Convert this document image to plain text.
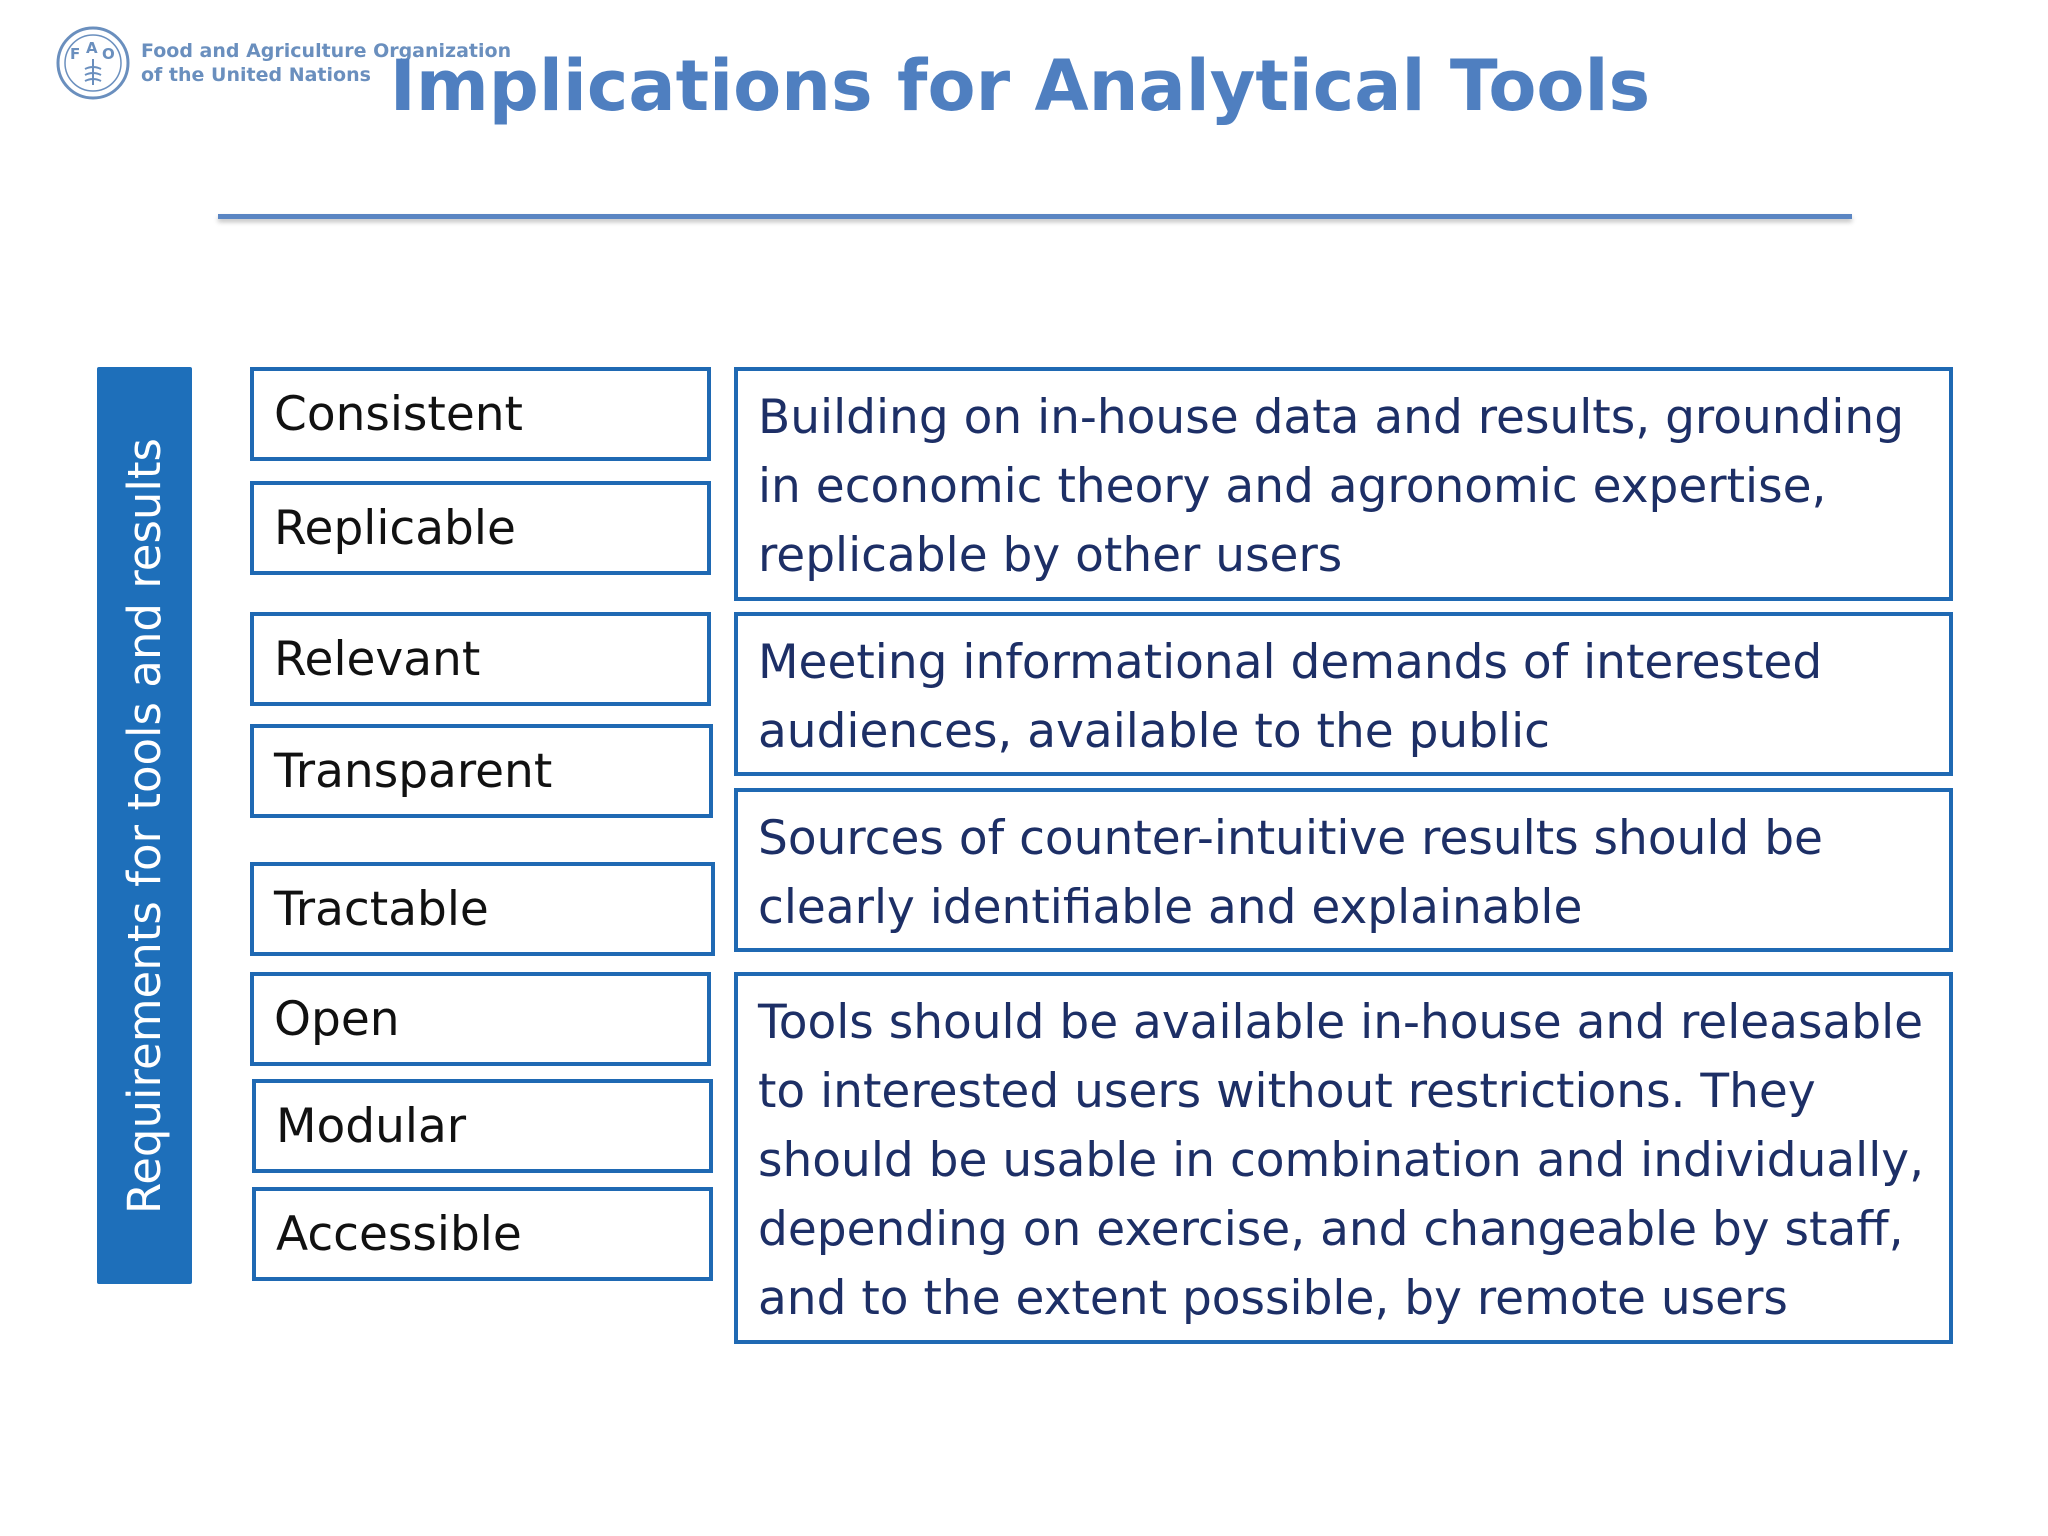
F A O Food and Agriculture Organization
of the United Nations Implications for Analytical Tools
Requirements for tools and results
Consistent
Replicable
Relevant
Transparent
Tractable
Open
Modular
Accessible
Building on in-house data and results, grounding
in economic theory and agronomic expertise,
replicable by other users
Meeting informational demands of interested
audiences, available to the public
Sources of counter-intuitive results should be
clearly identifiable and explainable
Tools should be available in-house and releasable
to interested users without restrictions. They
should be usable in combination and individually,
depending on exercise, and changeable by staff,
and to the extent possible, by remote users
